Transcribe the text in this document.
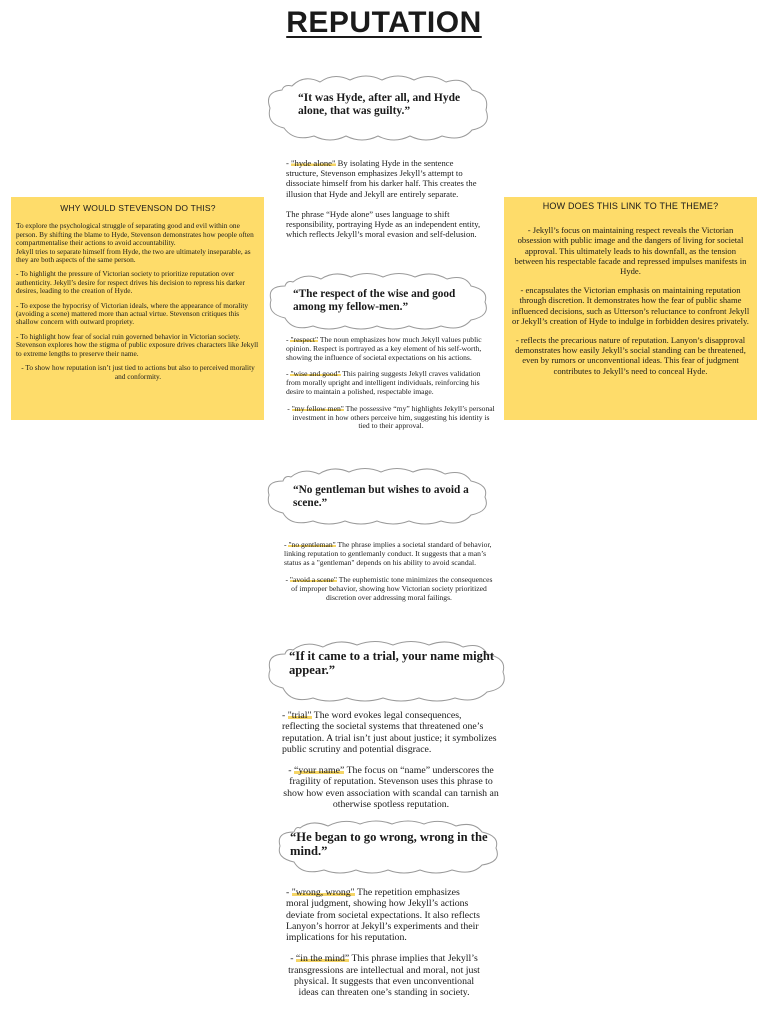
REPUTATION
WHY WOULD STEVENSON DO THIS?

To explore the psychological struggle of separating good and evil within one person. By shifting the blame to Hyde, Stevenson demonstrates how people often compartmentalise their actions to avoid accountability.

Jekyll tries to separate himself from Hyde, the two are ultimately inseparable, as they are both aspects of the same person.

- To highlight the pressure of Victorian society to prioritize reputation over authenticity. Jekyll’s desire for respect drives his decision to repress his darker desires, leading to the creation of Hyde.

- To expose the hypocrisy of Victorian ideals, where the appearance of morality (avoiding a scene) mattered more than actual virtue. Stevenson critiques this shallow concern with outward propriety.

- To highlight how fear of social ruin governed behavior in Victorian society. Stevenson explores how the stigma of public exposure drives characters like Jekyll to extreme lengths to preserve their name.

- To show how reputation isn’t just tied to actions but also to perceived morality and conformity.

HOW DOES THIS LINK TO THE THEME?

- Jekyll’s focus on maintaining respect reveals the Victorian obsession with public image and the dangers of living for societal approval. This ultimately leads to his downfall, as the tension between his respectable facade and repressed impulses manifests in Hyde.

- encapsulates the Victorian emphasis on maintaining reputation through discretion. It demonstrates how the fear of public shame influenced decisions, such as Utterson’s reluctance to confront Jekyll or Jekyll’s creation of Hyde to indulge in forbidden desires privately.

- reflects the precarious nature of reputation. Lanyon’s disapproval demonstrates how easily Jekyll’s social standing can be threatened, even by rumors or unconventional ideas. This fear of judgment contributes to Jekyll’s need to conceal Hyde.

“It was Hyde, after all, and Hyde alone, that was guilty.”

- "hyde alone" By isolating Hyde in the sentence structure, Stevenson emphasizes Jekyll’s attempt to dissociate himself from his darker half. This creates the illusion that Hyde and Jekyll are entirely separate.

The phrase “Hyde alone” uses language to shift responsibility, portraying Hyde as an independent entity, which reflects Jekyll’s moral evasion and self-delusion.

“The respect of the wise and good among my fellow-men.”

- "respect" The noun emphasizes how much Jekyll values public opinion. Respect is portrayed as a key element of his self-worth, showing the influence of societal expectations on his actions.

- "wise and good" This pairing suggests Jekyll craves validation from morally upright and intelligent individuals, reinforcing his desire to maintain a polished, respectable image.

- "my fellow men" The possessive “my” highlights Jekyll’s personal investment in how others perceive him, suggesting his identity is tied to their approval.

“No gentleman but wishes to avoid a scene.”

- "no gentleman" The phrase implies a societal standard of behavior, linking reputation to gentlemanly conduct. It suggests that a man’s status as a "gentleman" depends on his ability to avoid scandal.

- "avoid a scene" The euphemistic tone minimizes the consequences of improper behavior, showing how Victorian society prioritized discretion over addressing moral failings.

“If it came to a trial, your name might appear.”

- "trial" The word evokes legal consequences, reflecting the societal systems that threatened one’s reputation. A trial isn’t just about justice; it symbolizes public scrutiny and potential disgrace.

- “your name” The focus on “name” underscores the fragility of reputation. Stevenson uses this phrase to show how even association with scandal can tarnish an otherwise spotless reputation.

“He began to go wrong, wrong in the mind.”

- "wrong, wrong" The repetition emphasizes moral judgment, showing how Jekyll’s actions deviate from societal expectations. It also reflects Lanyon’s horror at Jekyll’s experiments and their implications for his reputation.

- “in the mind” This phrase implies that Jekyll’s transgressions are intellectual and moral, not just physical. It suggests that even unconventional ideas can threaten one’s standing in society.
